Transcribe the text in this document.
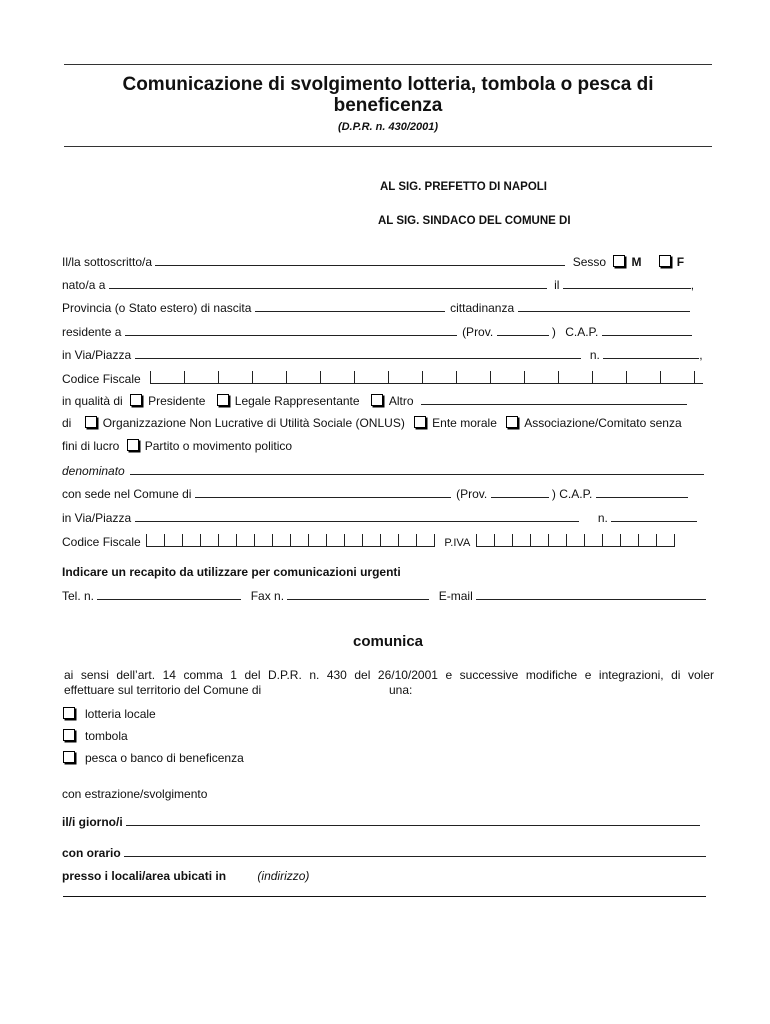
Comunicazione di svolgimento lotteria, tombola o pesca di
beneficenza
(D.P.R. n. 430/2001)
AL SIG. PREFETTO DI NAPOLI
AL SIG. SINDACO DEL COMUNE DI
Il/la sottoscritto/a	Sesso M	F
nato/a a	il	,
Provincia (o Stato estero) di nascita	cittadinanza
residente a	(Prov.	) C.A.P.
in Via/Piazza	n.	,
Codice Fiscale
in qualità di Presidente Legale Rappresentante Altro
di	Organizzazione Non Lucrative di Utilità Sociale (ONLUS) Ente morale Associazione/Comitato senza
fini di lucro Partito o movimento politico
denominato
con sede nel Comune di	(Prov.	) C.A.P.
in Via/Piazza	n.
Codice Fiscale	P.IVA
Indicare un recapito da utilizzare per comunicazioni urgenti
Tel. n.	Fax n.	E-mail
comunica
ai sensi dell’art. 14 comma 1 del D.P.R. n. 430 del 26/10/2001 e successive modifiche e integrazioni, di voler
effettuare sul territorio del Comune di	una:
lotteria locale
tombola
pesca o banco di beneficenza
con estrazione/svolgimento
il/i giorno/i
con orario
presso i locali/area ubicati in	(indirizzo)
